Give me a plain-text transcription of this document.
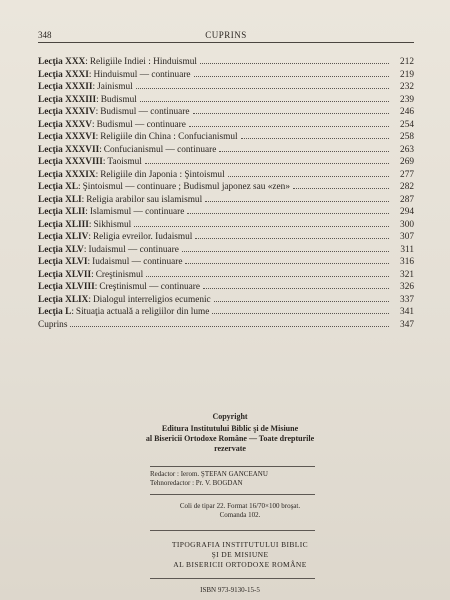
348	CUPRINS
Lecţia XXX : Religiile Indiei : Hinduismul	212
Lecţia XXXI : Hinduismul — continuare	219
Lecţia XXXII : Jainismul	232
Lecţia XXXIII : Budismul	239
Lecţia XXXIV : Budismul — continuare	246
Lecţia XXXV : Budismul — continuare	254
Lecţia XXXVI : Religiile din China : Confucianismul	258
Lecţia XXXVII : Confucianismul — continuare	263
Lecţia XXXVIII : Taoismul	269
Lecţia XXXIX : Religiile din Japonia : Şintoismul	277
Lecţia XL : Şintoismul — continuare ; Budismul japonez sau «zen»	282
Lecţia XLI : Religia arabilor sau islamismul	287
Lecţia XLII : Islamismul — continuare	294
Lecţia XLIII : Sikhismul	300
Lecţia XLIV : Religia evreilor. Iudaismul	307
Lecţia XLV : Iudaismul — continuare	311
Lecţia XLVI : Iudaismul — continuare	316
Lecţia XLVII : Creştinismul	321
Lecţia XLVIII : Creştinismul — continuare	326
Lecţia XLIX : Dialogul interreligios ecumenic	337
Lecţia L : Situaţia actuală a religiilor din lume	341
Cuprins	347
Copyright
Editura Institutului Biblic şi de Misiune
al Bisericii Ortodoxe Române — Toate drepturile
rezervate
Redactor : Ierom. ŞTEFAN GANCEANU
Tehnoredactor : Pr. V. BOGDAN
Coli de tipar 22. Format 16/70×100 broşat.
Comanda 102.
TIPOGRAFIA INSTITUTULUI BIBLIC
ŞI DE MISIUNE
AL BISERICII ORTODOXE ROMÂNE
ISBN 973-9130-15-5
